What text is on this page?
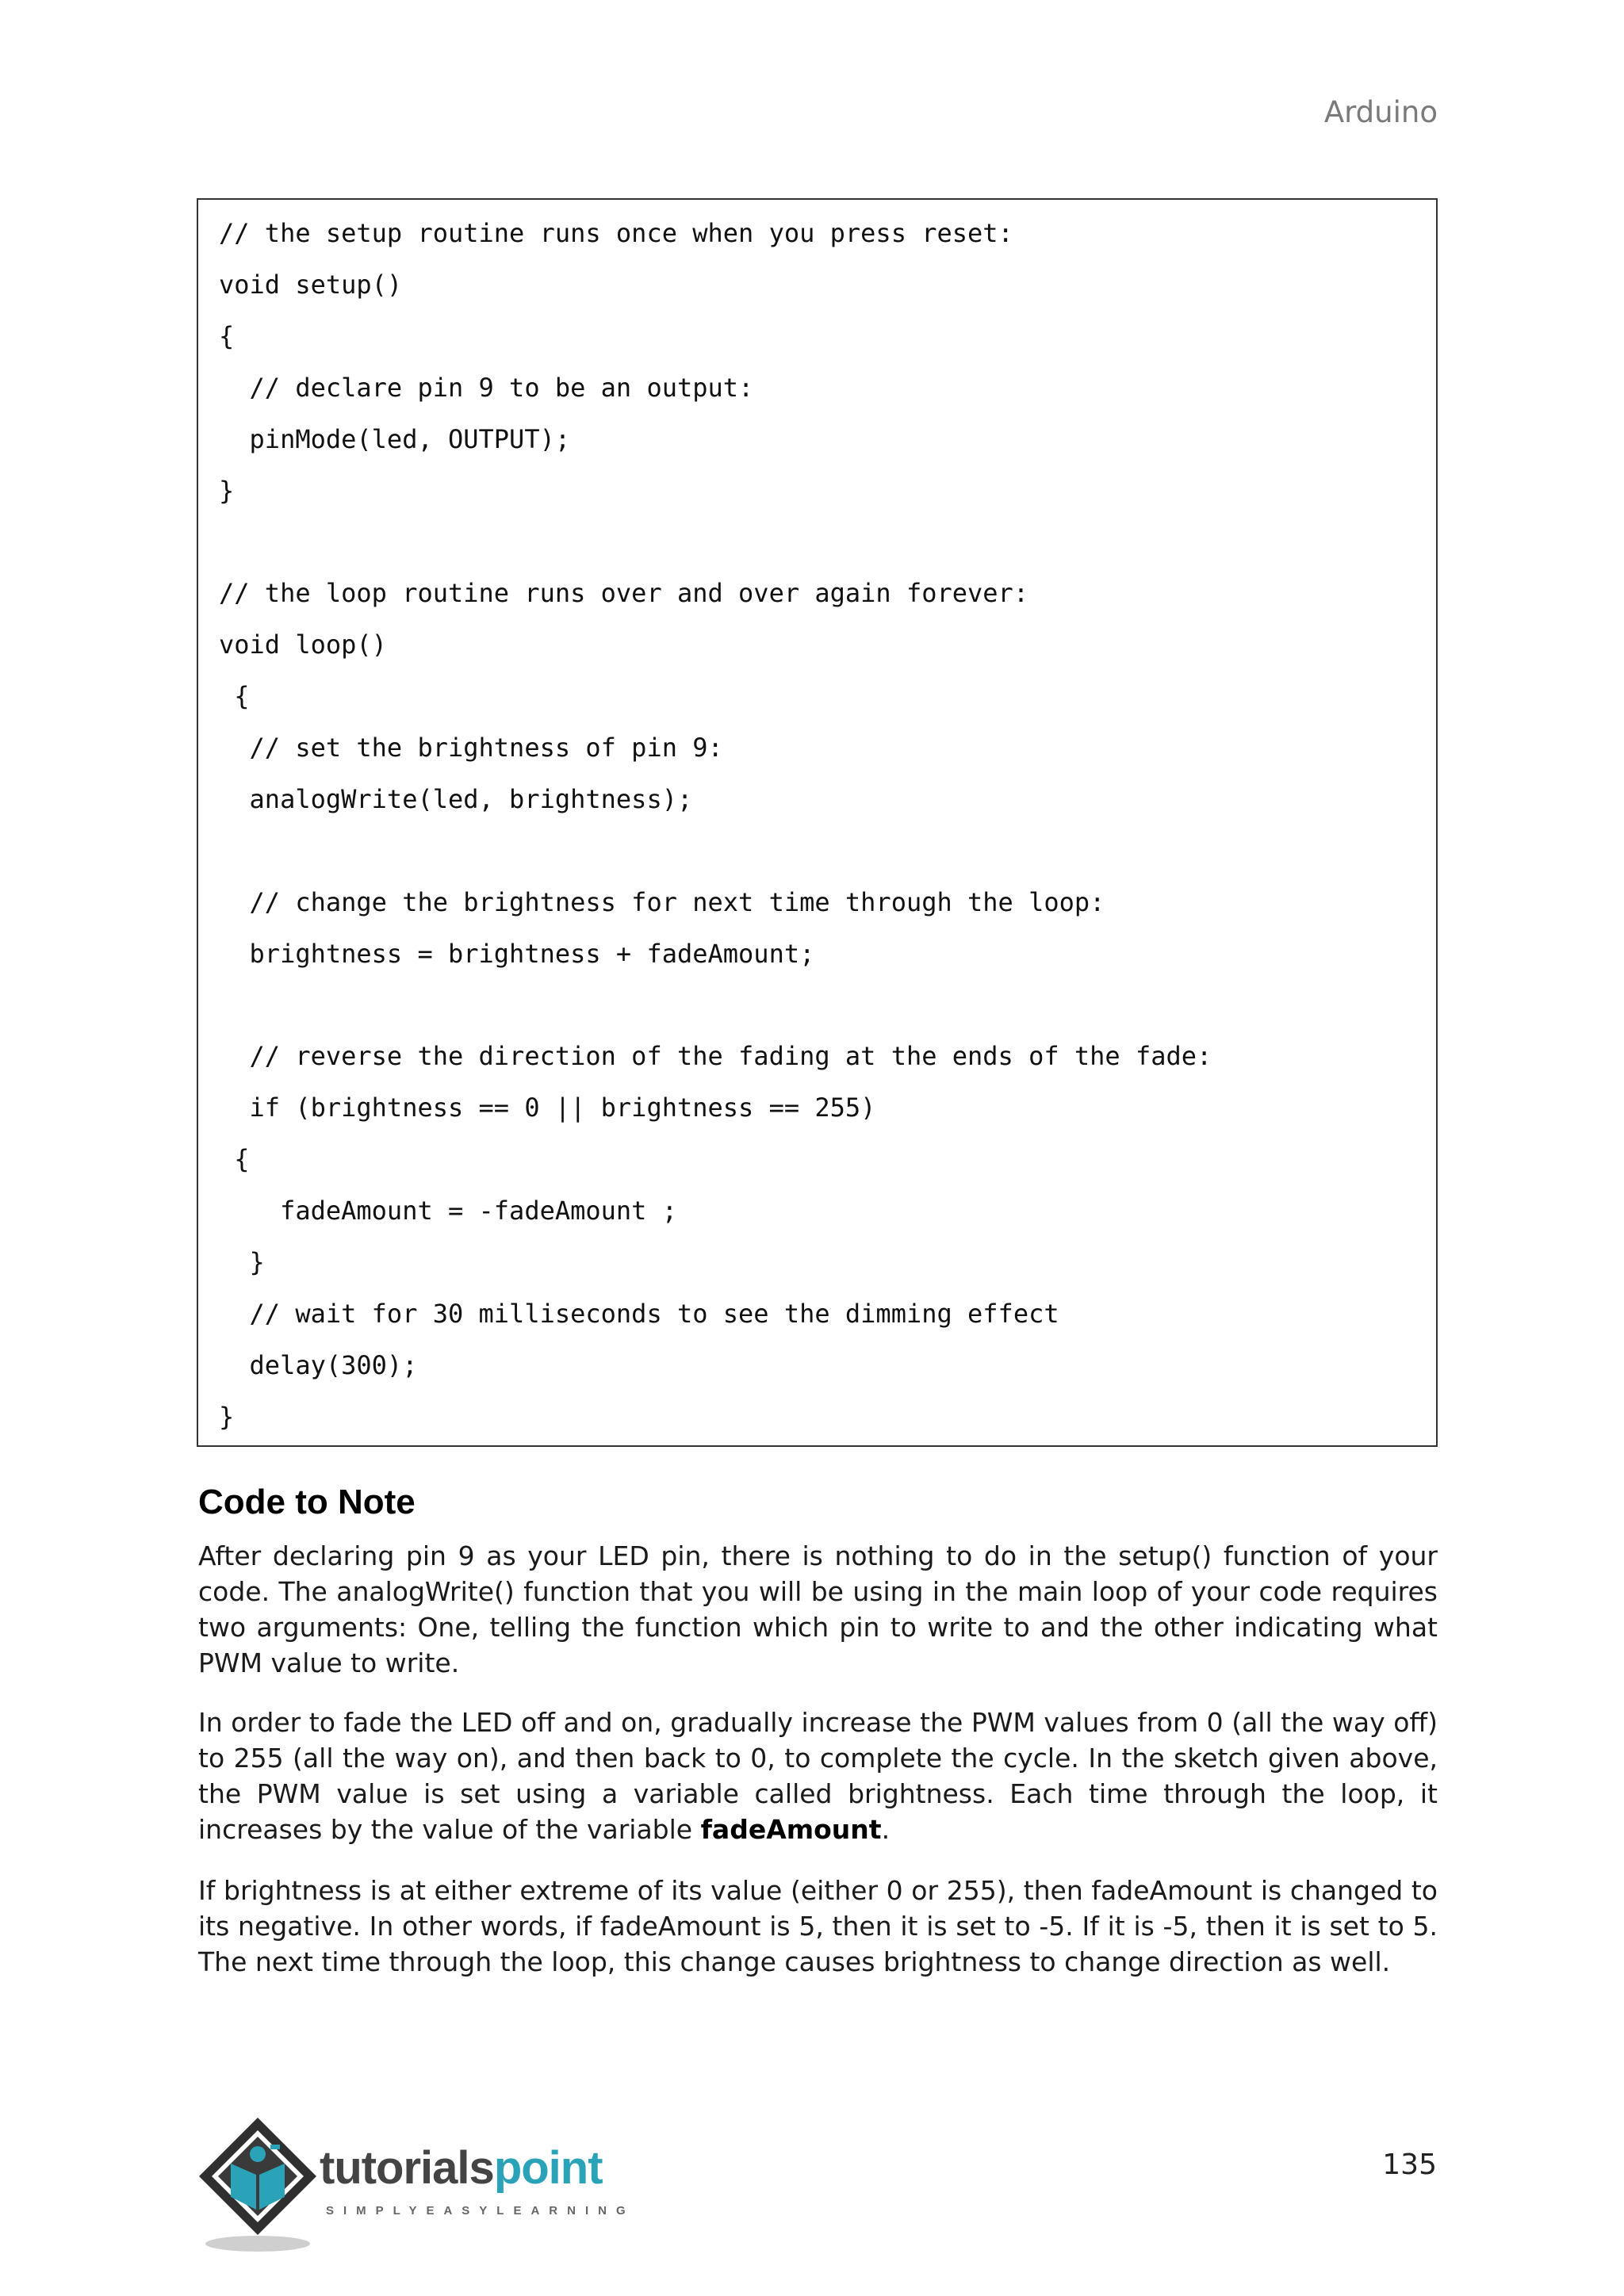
Arduino
// the setup routine runs once when you press reset:
void setup()
{
// declare pin 9 to be an output:
pinMode(led, OUTPUT);
}
// the loop routine runs over and over again forever:
void loop()
{
// set the brightness of pin 9:
analogWrite(led, brightness);
// change the brightness for next time through the loop:
brightness = brightness + fadeAmount;
// reverse the direction of the fading at the ends of the fade:
if (brightness == 0 || brightness == 255)
{
fadeAmount = -fadeAmount ;
}
// wait for 30 milliseconds to see the dimming effect
delay(300);
}
Code to Note

After declaring pin 9 as your LED pin, there is nothing to do in the setup() function of your code. The analogWrite() function that you will be using in the main loop of your code requires two arguments: One, telling the function which pin to write to and the other indicating what PWM value to write.

In order to fade the LED off and on, gradually increase the PWM values from 0 (all the way off) to 255 (all the way on), and then back to 0, to complete the cycle. In the sketch given above, the PWM value is set using a variable called brightness. Each time through the loop, it increases by the value of the variable fadeAmount.

If brightness is at either extreme of its value (either 0 or 255), then fadeAmount is changed to its negative. In other words, if fadeAmount is 5, then it is set to -5. If it is -5, then it is set to 5. The next time through the loop, this change causes brightness to change direction as well.

tutorialspoint

SIMPLYEASYLEARNING

135
